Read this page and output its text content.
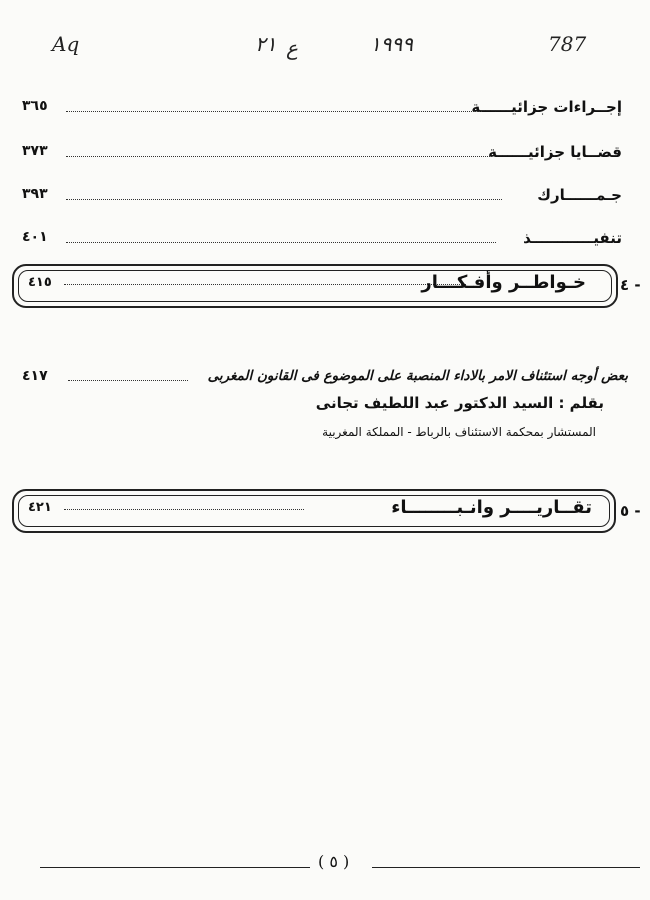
Aq	٢١ ع	١٩٩٩	787
إجــراءات جزائيــــــة
٣٦٥
قضــايا جزائيــــــة
٣٧٣
جـمــــــارك
٣٩٣
تنفيــــــــــــذ
٤٠١
٤١٥	خـواطــر وأفـكـــار ٤ -
بعض أوجه استئناف الامر بالاداء المنصبة على الموضوع فى القانون المغربى
٤١٧
بقلم : السيد الدكتور عبد اللطيف تجانى
المستشار بمحكمة الاستئناف بالرباط - المملكة المغربية
٤٢١	تقــاريــــر وانـبــــــــاء ٥ -
( ٥ )
